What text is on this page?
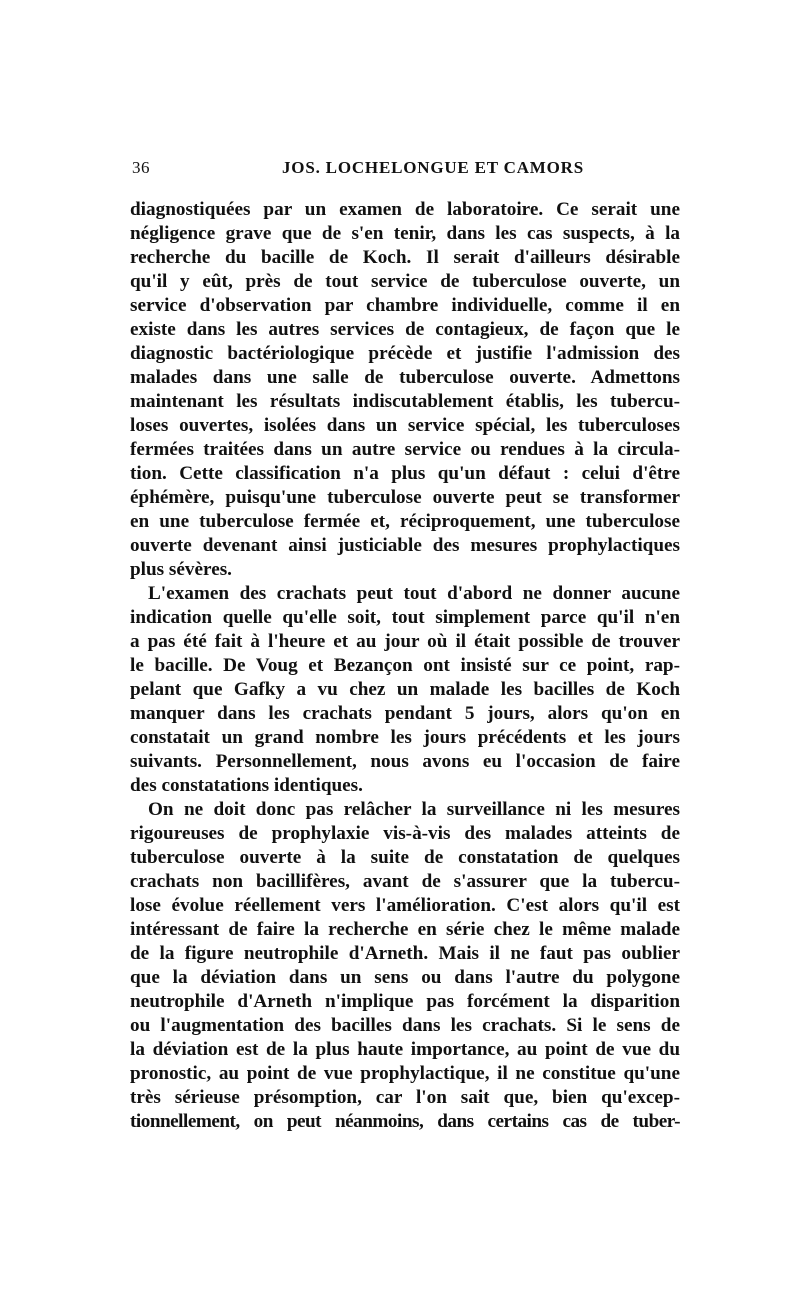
36	JOS. LOCHELONGUE ET CAMORS
diagnostiquées par un examen de laboratoire. Ce serait une
négligence grave que de s'en tenir, dans les cas suspects, à la
recherche du bacille de Koch. Il serait d'ailleurs désirable
qu'il y eût, près de tout service de tuberculose ouverte, un
service d'observation par chambre individuelle, comme il en
existe dans les autres services de contagieux, de façon que le
diagnostic bactériologique précède et justifie l'admission des
malades dans une salle de tuberculose ouverte. Admettons
maintenant les résultats indiscutablement établis, les tubercu-
loses ouvertes, isolées dans un service spécial, les tuberculoses
fermées traitées dans un autre service ou rendues à la circula-
tion. Cette classification n'a plus qu'un défaut : celui d'être
éphémère, puisqu'une tuberculose ouverte peut se transformer
en une tuberculose fermée et, réciproquement, une tuberculose
ouverte devenant ainsi justiciable des mesures prophylactiques
plus sévères.
L'examen des crachats peut tout d'abord ne donner aucune
indication quelle qu'elle soit, tout simplement parce qu'il n'en
a pas été fait à l'heure et au jour où il était possible de trouver
le bacille. De Voug et Bezançon ont insisté sur ce point, rap-
pelant que Gafky a vu chez un malade les bacilles de Koch
manquer dans les crachats pendant 5 jours, alors qu'on en
constatait un grand nombre les jours précédents et les jours
suivants. Personnellement, nous avons eu l'occasion de faire
des constatations identiques.
On ne doit donc pas relâcher la surveillance ni les mesures
rigoureuses de prophylaxie vis-à-vis des malades atteints de
tuberculose ouverte à la suite de constatation de quelques
crachats non bacillifères, avant de s'assurer que la tubercu-
lose évolue réellement vers l'amélioration. C'est alors qu'il est
intéressant de faire la recherche en série chez le même malade
de la figure neutrophile d'Arneth. Mais il ne faut pas oublier
que la déviation dans un sens ou dans l'autre du polygone
neutrophile d'Arneth n'implique pas forcément la disparition
ou l'augmentation des bacilles dans les crachats. Si le sens de
la déviation est de la plus haute importance, au point de vue du
pronostic, au point de vue prophylactique, il ne constitue qu'une
très sérieuse présomption, car l'on sait que, bien qu'excep-
tionnellement, on peut néanmoins, dans certains cas de tuber-
